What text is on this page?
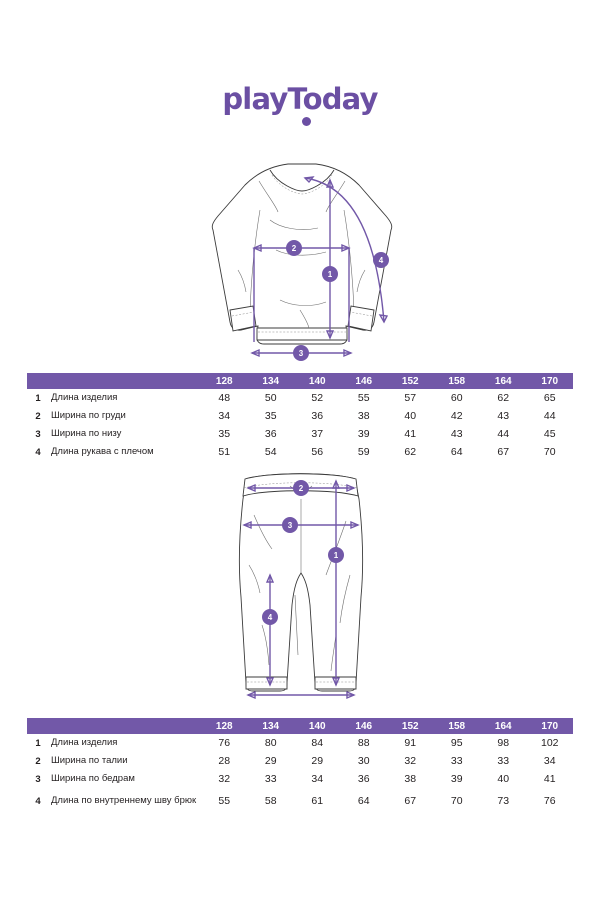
playToday
2
1
3
4
		128	134	140	146	152	158	164	170
1	Длина изделия	48	50	52	55	57	60	62	65
2	Ширина по груди	34	35	36	38	40	42	43	44
3	Ширина по низу	35	36	37	39	41	43	44	45
4	Длина рукава с плечом	51	54	56	59	62	64	67	70
2
3
1
4
		128	134	140	146	152	158	164	170
1	Длина изделия	76	80	84	88	91	95	98	102
2	Ширина по талии	28	29	29	30	32	33	33	34
3	Ширина по бедрам	32	33	34	36	38	39	40	41
4	Длина по внутреннему шву брюк	55	58	61	64	67	70	73	76
